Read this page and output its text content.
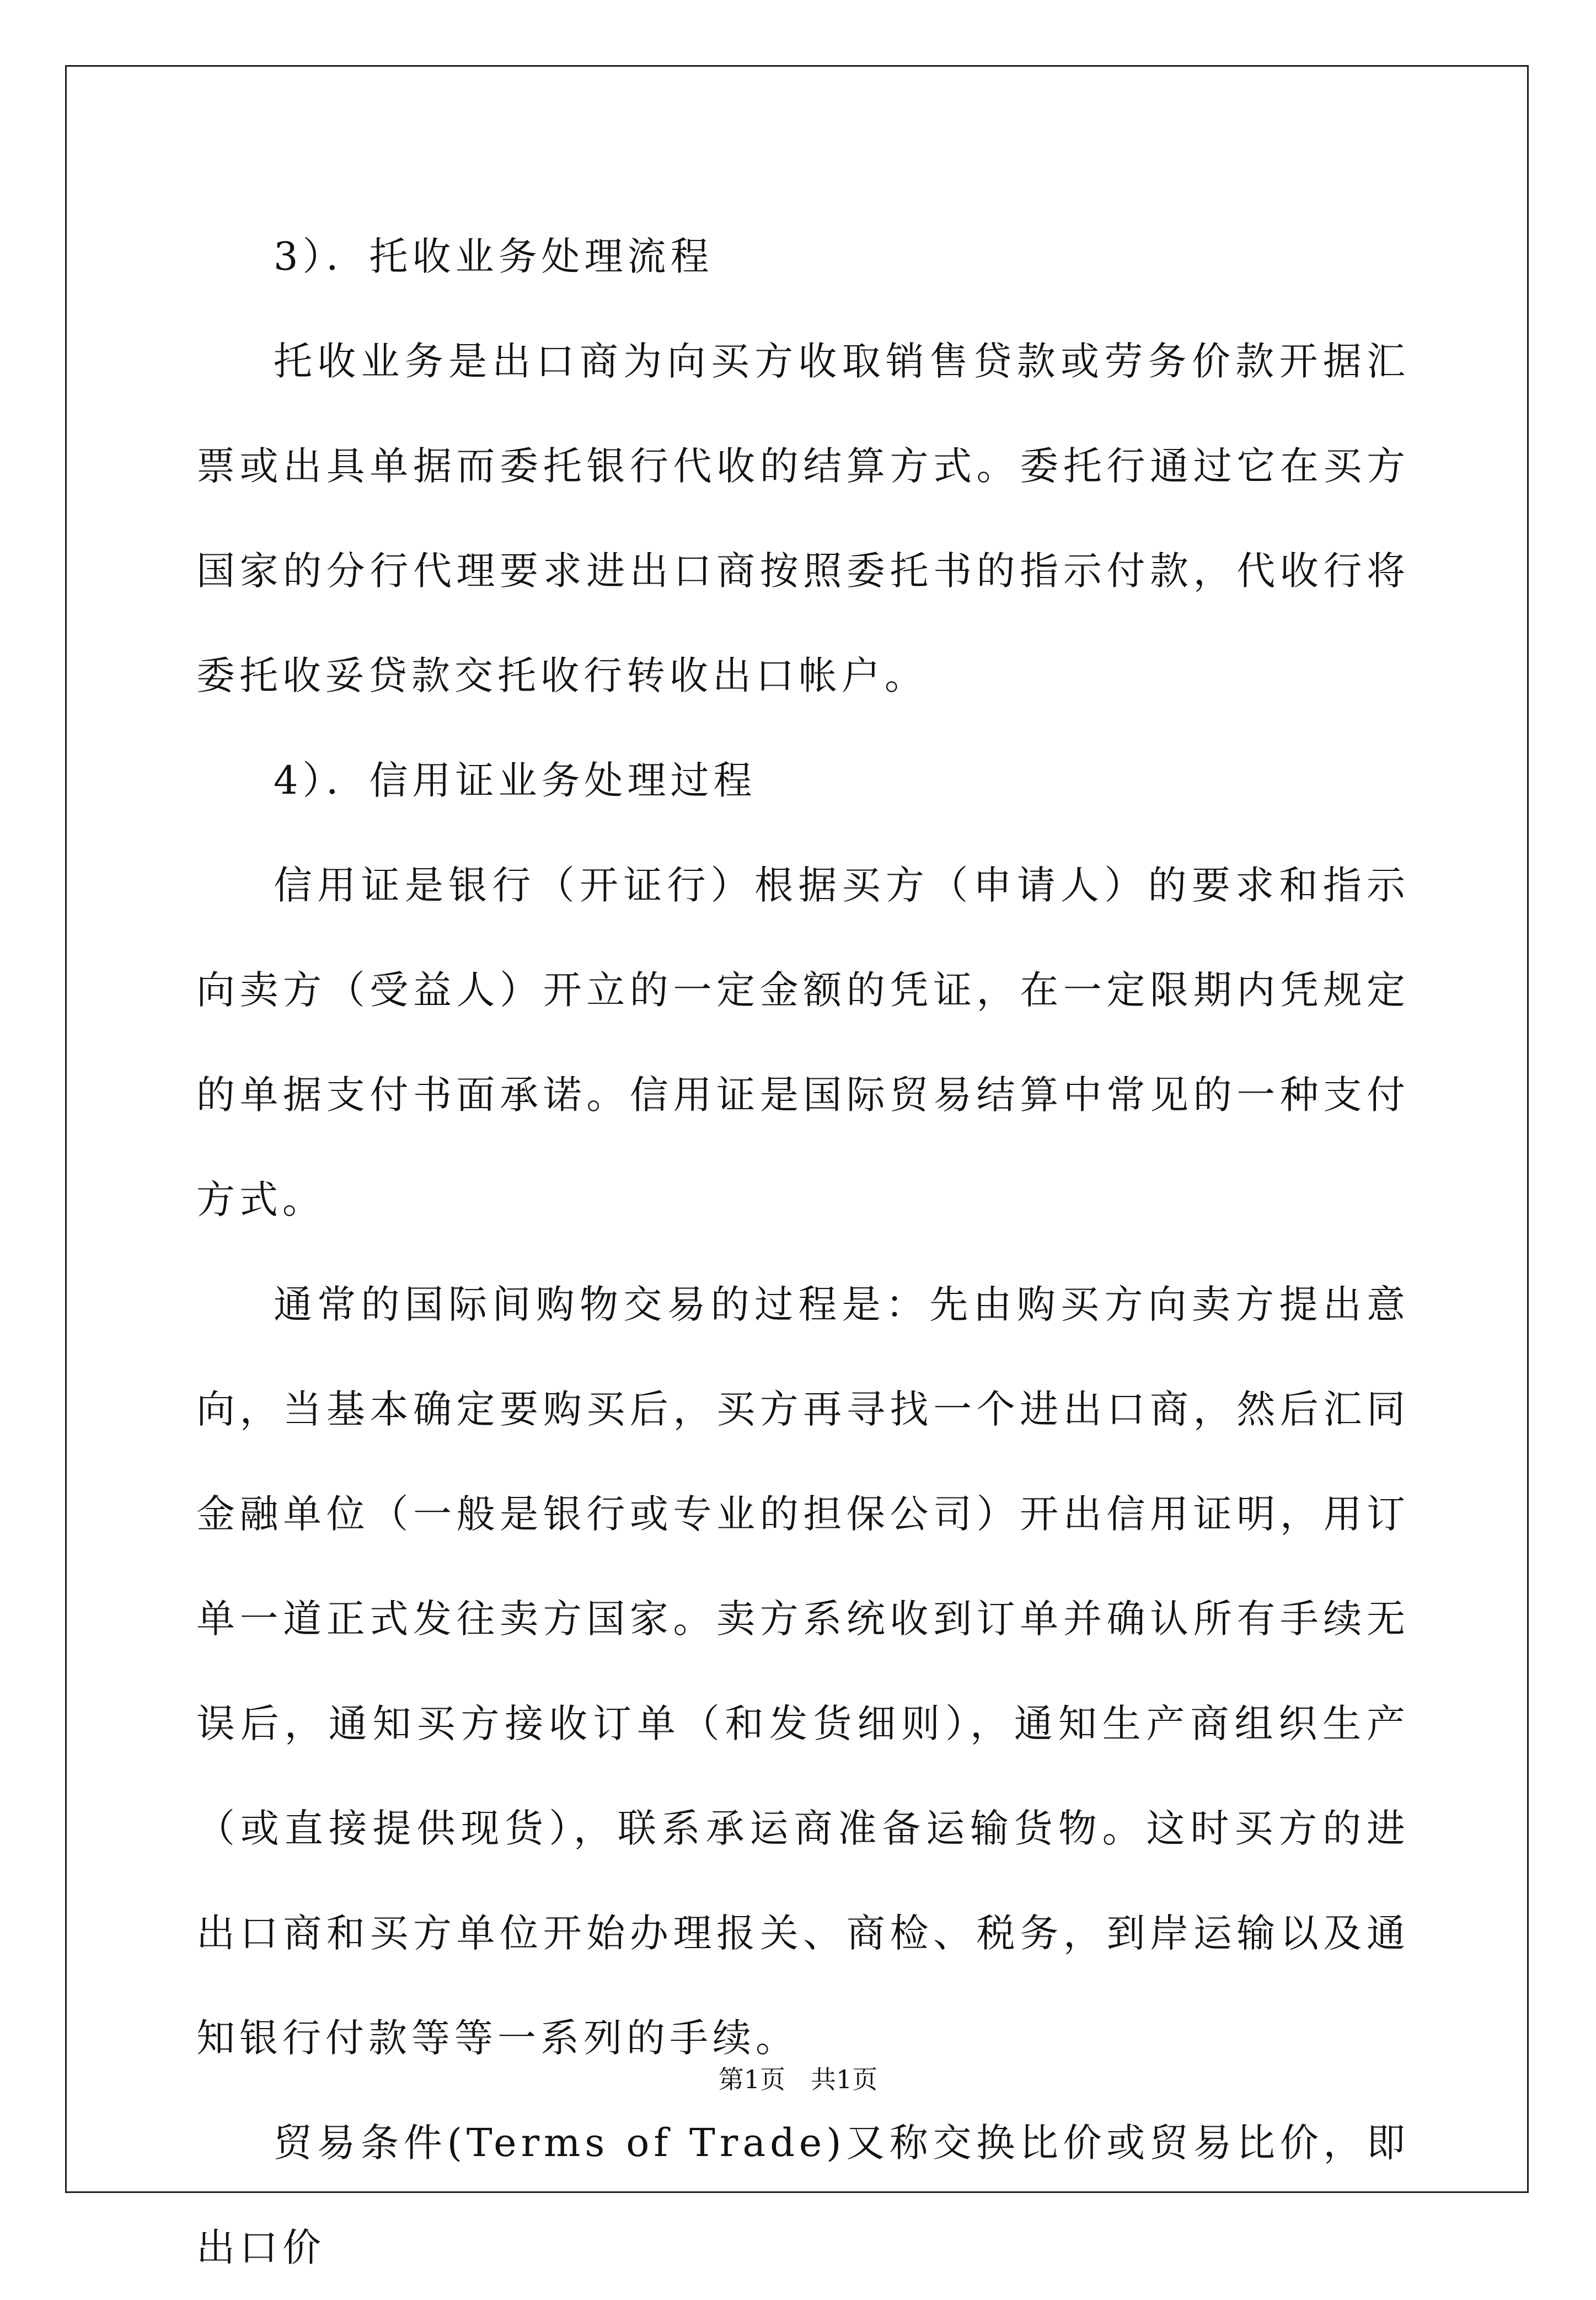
3）．托收业务处理流程

托收业务是出口商为向买方收取销售贷款或劳务价款开据汇票或出具单据而委托银行代收的结算方式。委托行通过它在买方国家的分行代理要求进出口商按照委托书的指示付款，代收行将委托收妥贷款交托收行转收出口帐户。

4）．信用证业务处理过程

信用证是银行（开证行）根据买方（申请人）的要求和指示向卖方（受益人）开立的一定金额的凭证，在一定限期内凭规定的单据支付书面承诺。信用证是国际贸易结算中常见的一种支付方式。

通常的国际间购物交易的过程是：先由购买方向卖方提出意向，当基本确定要购买后，买方再寻找一个进出口商，然后汇同金融单位（一般是银行或专业的担保公司）开出信用证明，用订单一道正式发往卖方国家。卖方系统收到订单并确认所有手续无误后，通知买方接收订单（和发货细则），通知生产商组织生产（或直接提供现货），联系承运商准备运输货物。这时买方的进出口商和买方单位开始办理报关、商检、税务，到岸运输以及通知银行付款等等一系列的手续。

贸易条件(Terms of Trade)又称交换比价或贸易比价，即出口价

第1页　共1页
